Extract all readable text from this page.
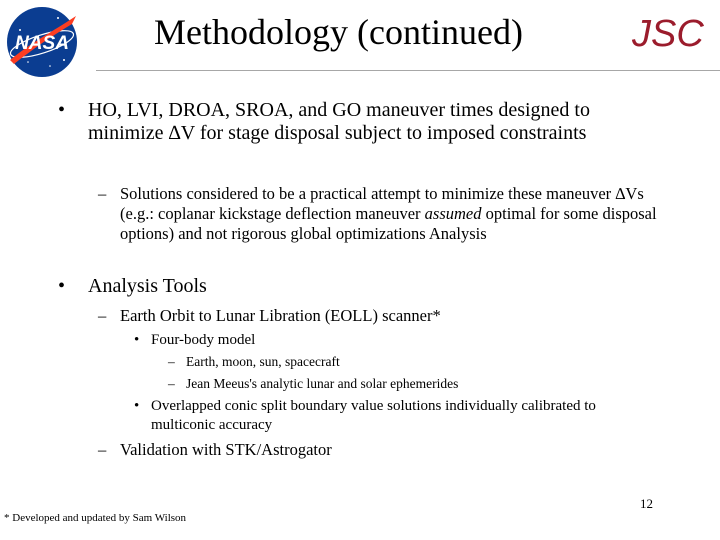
NASA Methodology (continued)	JSC
•	HO, LVI, DROA, SROA, and GO maneuver times designed to minimize ∆V for stage disposal subject to imposed constraints
– Solutions considered to be a practical attempt to minimize these maneuver ∆Vs (e.g.: coplanar kickstage deflection maneuver assumed optimal for some disposal options) and not rigorous global optimizations Analysis
•	Analysis Tools
– Earth Orbit to Lunar Libration (EOLL) scanner*
• Four-body model
– Earth, moon, sun, spacecraft
– Jean Meeus's analytic lunar and solar ephemerides
• Overlapped conic split boundary value solutions individually calibrated to multiconic accuracy
– Validation with STK/Astrogator
12
* Developed and updated by Sam Wilson
